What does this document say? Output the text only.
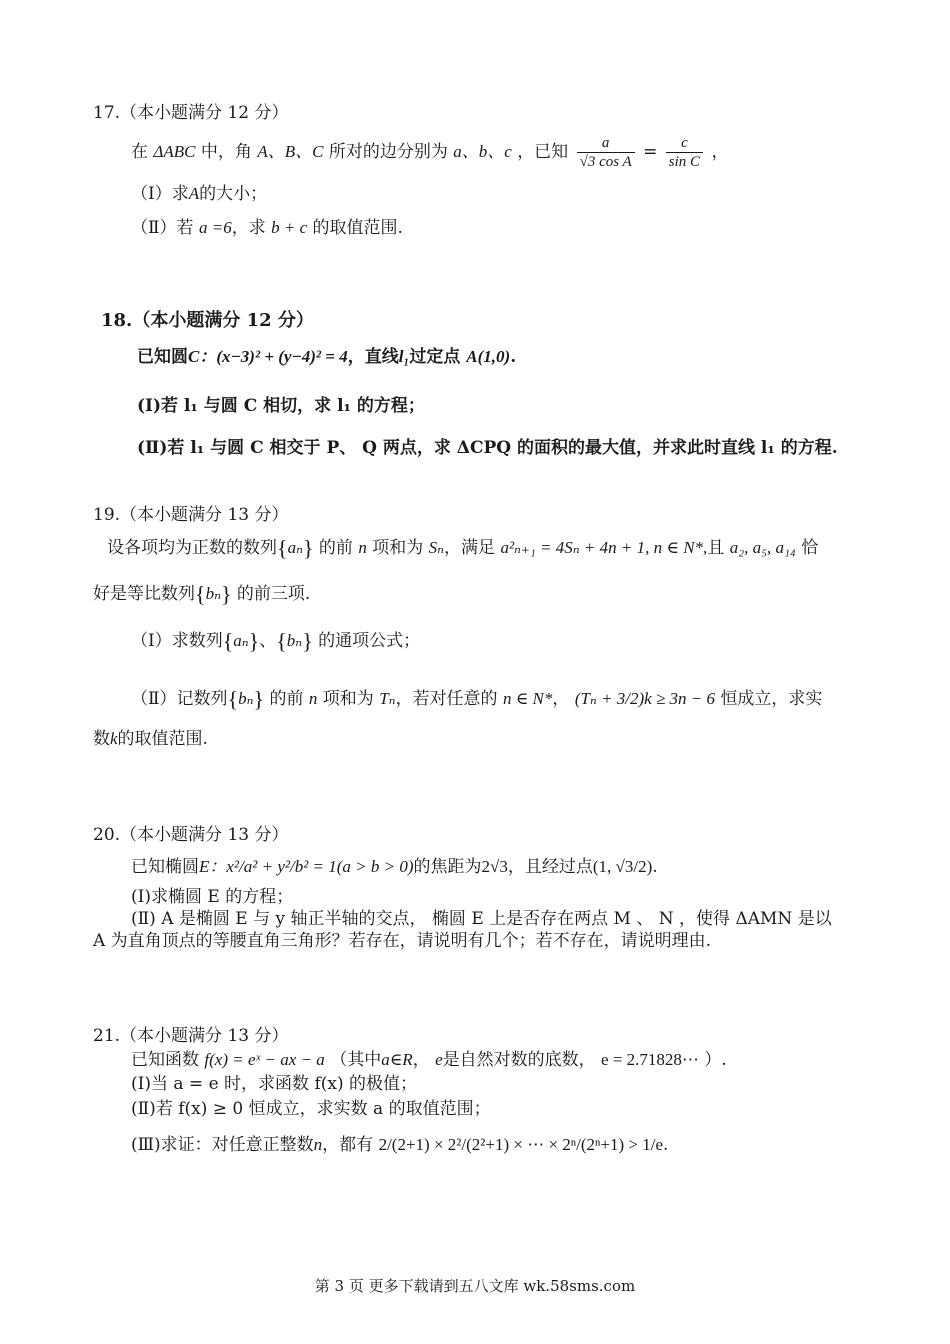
17.（本小题满分 12 分）
在 ΔABC 中，角 A、B、C 所对的边分别为 a、b、c ，已知 $\frac{a}{\text{√3 cos A}} = \frac{c}{\text{sin C}}$ ，
（Ⅰ）求A的大小；
（Ⅱ）若 a =6，求 b + c 的取值范围.
18.（本小题满分 12 分）
已知圆C：(x−3)² + (y−4)² = 4，直线l₁过定点 A(1,0).
(Ⅰ)若 l₁ 与圆 C 相切，求 l₁ 的方程；
(Ⅱ)若 l₁ 与圆 C 相交于 P、 Q 两点，求 ΔCPQ 的面积的最大值，并求此时直线 l₁ 的方程.
19.（本小题满分 13 分）
设各项均为正数的数列{aₙ} 的前 n 项和为 Sₙ，满足 a²ₙ₊₁ = 4Sₙ + 4n + 1, n ∈ N*,且 a₂, a₅, a₁₄ 恰
好是等比数列{bₙ} 的前三项.
（Ⅰ）求数列{aₙ}、{bₙ} 的通项公式；
（Ⅱ）记数列{bₙ} 的前 n 项和为 Tₙ，若对任意的 n ∈ N*， (Tₙ + 3/2)k ≥ 3n − 6 恒成立，求实
数k的取值范围.
20.（本小题满分 13 分）
已知椭圆E：x²/a² + y²/b² = 1(a > b > 0)的焦距为2√3，且经过点(1, √3/2).
(Ⅰ)求椭圆 E 的方程；
(Ⅱ) A 是椭圆 E 与 y 轴正半轴的交点， 椭圆 E 上是否存在两点 M 、 N ，使得 ΔAMN 是以
A 为直角顶点的等腰直角三角形？若存在，请说明有几个；若不存在，请说明理由.
21.（本小题满分 13 分）
已知函数 f(x) = eˣ − ax − a （其中a∈R， e是自然对数的底数， e = 2.71828⋯ ）.
(Ⅰ)当 a = e 时，求函数 f(x) 的极值；
(Ⅱ)若 f(x) ≥ 0 恒成立，求实数 a 的取值范围；
(Ⅲ)求证：对任意正整数n，都有 2/(2+1) × 2²/(2²+1) × ⋯ × 2ⁿ/(2ⁿ+1) > 1/e.
第 3 页 更多下载请到五八文库 wk.58sms.com
